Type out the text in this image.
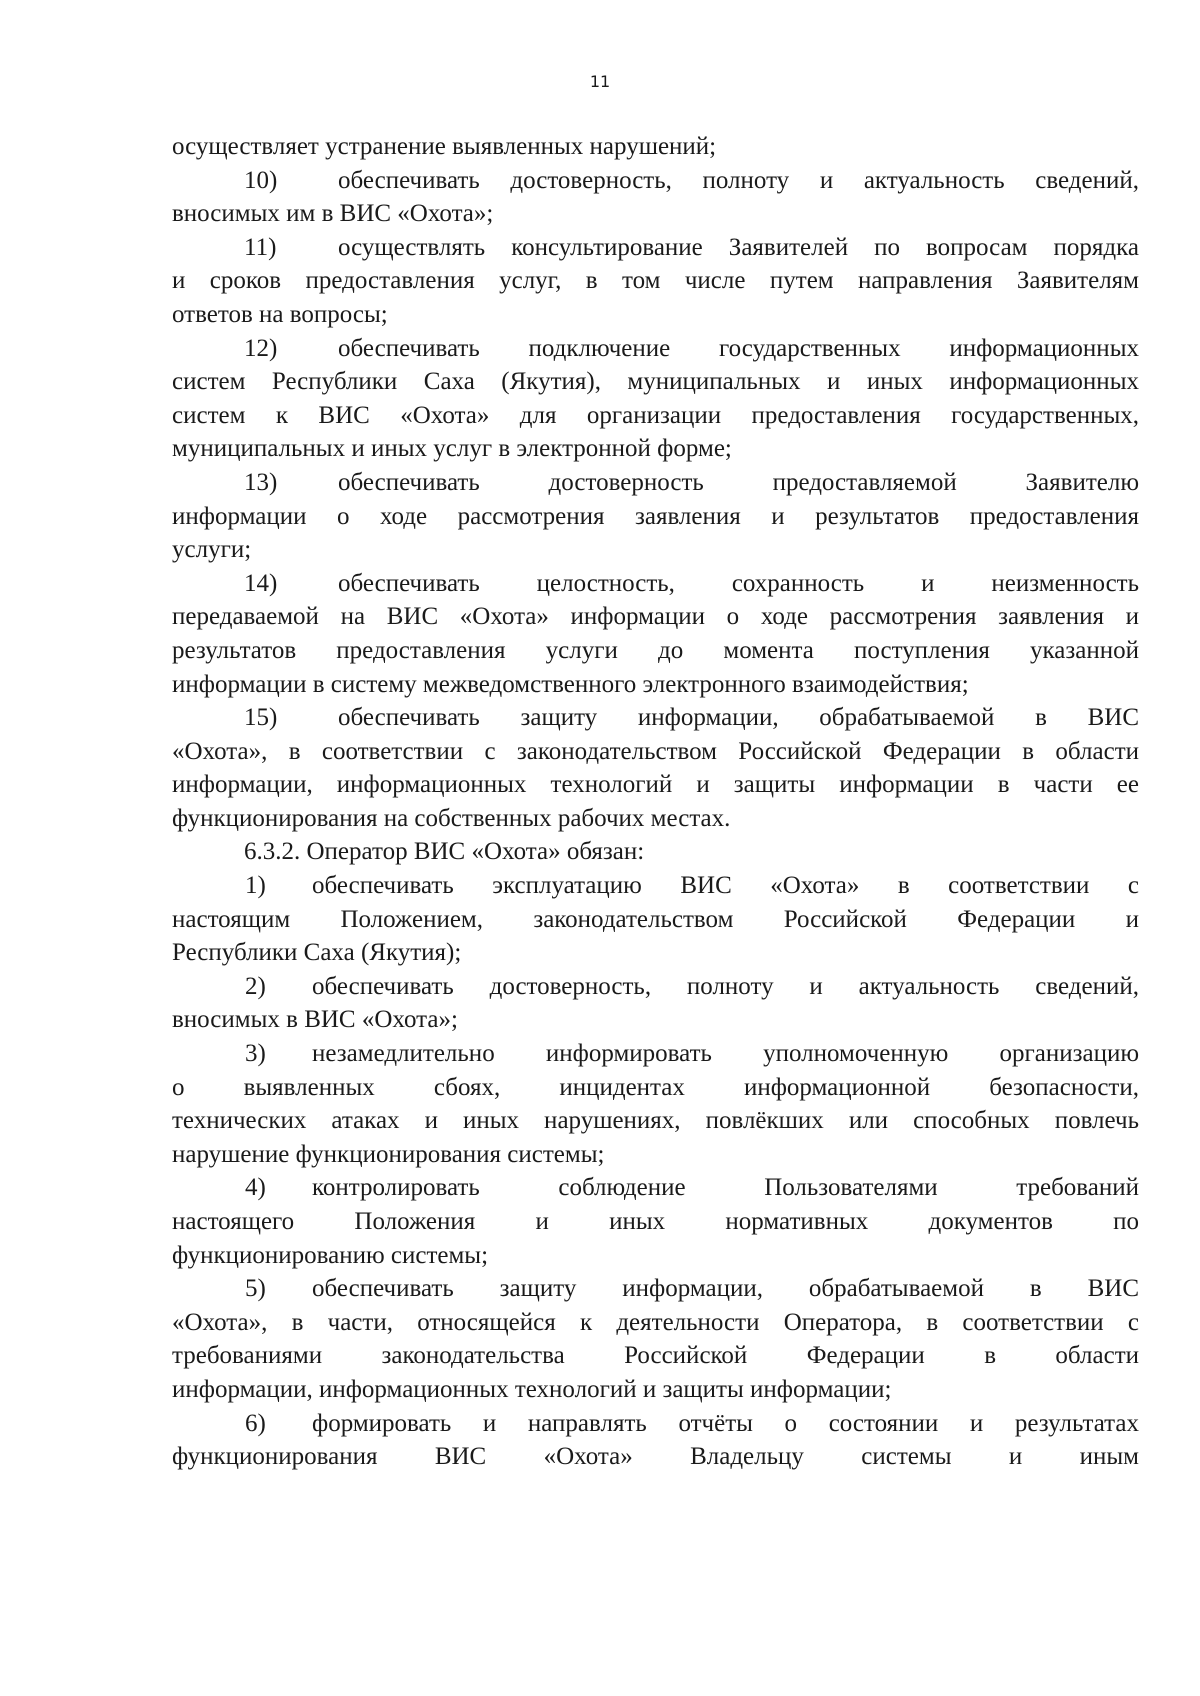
11
осуществляет устранение выявленных нарушений;
10)	обеспечивать достоверность, полноту и актуальность сведений,
вносимых им в ВИС «Охота»;
11)	осуществлять консультирование Заявителей по вопросам порядка
и сроков предоставления услуг, в том числе путем направления Заявителям
ответов на вопросы;
12)	обеспечивать подключение государственных информационных
систем Республики Саха (Якутия), муниципальных и иных информационных
систем к ВИС «Охота» для организации предоставления государственных,
муниципальных и иных услуг в электронной форме;
13)	обеспечивать достоверность предоставляемой Заявителю
информации о ходе рассмотрения заявления и результатов предоставления
услуги;
14)	обеспечивать целостность, сохранность и неизменность
передаваемой на ВИС «Охота» информации о ходе рассмотрения заявления и
результатов предоставления услуги до момента поступления указанной
информации в систему межведомственного электронного взаимодействия;
15)	обеспечивать защиту информации, обрабатываемой в ВИС
«Охота», в соответствии с законодательством Российской Федерации в области
информации, информационных технологий и защиты информации в части ее
функционирования на собственных рабочих местах.
6.3.2. Оператор ВИС «Охота» обязан:
1)	обеспечивать эксплуатацию ВИС «Охота» в соответствии с
настоящим Положением, законодательством Российской Федерации и
Республики Саха (Якутия);
2)	обеспечивать достоверность, полноту и актуальность сведений,
вносимых в ВИС «Охота»;
3)	незамедлительно информировать уполномоченную организацию
о выявленных сбоях, инцидентах информационной безопасности,
технических атаках и иных нарушениях, повлёкших или способных повлечь
нарушение функционирования системы;
4)	контролировать соблюдение Пользователями требований
настоящего Положения и иных нормативных документов по
функционированию системы;
5)	обеспечивать защиту информации, обрабатываемой в ВИС
«Охота», в части, относящейся к деятельности Оператора, в соответствии с
требованиями законодательства Российской Федерации в области
информации, информационных технологий и защиты информации;
6)	формировать и направлять отчёты о состоянии и результатах
функционирования ВИС «Охота» Владельцу системы и иным
